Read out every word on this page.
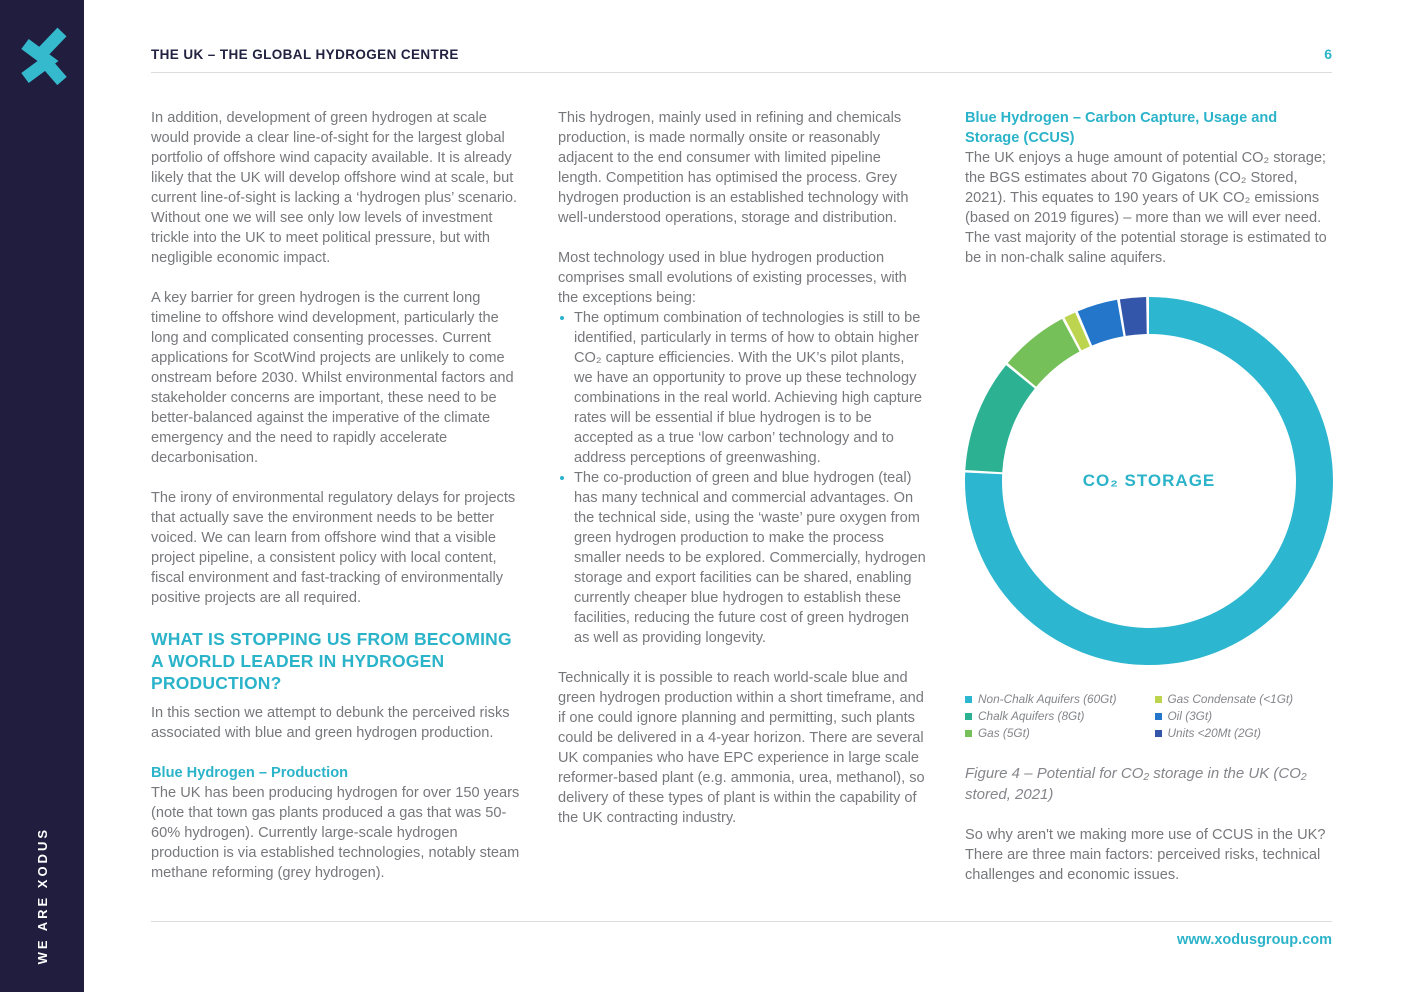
WE ARE XODUS
THE UK – THE GLOBAL HYDROGEN CENTRE	6

In addition, development of green hydrogen at scale would provide a clear line-of-sight for the largest global portfolio of offshore wind capacity available. It is already likely that the UK will develop offshore wind at scale, but current line-of-sight is lacking a ‘hydrogen plus’ scenario. Without one we will see only low levels of investment trickle into the UK to meet political pressure, but with negligible economic impact.

A key barrier for green hydrogen is the current long timeline to offshore wind development, particularly the long and complicated consenting processes. Current applications for ScotWind projects are unlikely to come onstream before 2030. Whilst environmental factors and stakeholder concerns are important, these need to be better-balanced against the imperative of the climate emergency and the need to rapidly accelerate decarbonisation.

The irony of environmental regulatory delays for projects that actually save the environment needs to be better voiced. We can learn from offshore wind that a visible project pipeline, a consistent policy with local content, fiscal environment and fast-tracking of environmentally positive projects are all required.

WHAT IS STOPPING US FROM BECOMING A WORLD LEADER IN HYDROGEN PRODUCTION?

In this section we attempt to debunk the perceived risks associated with blue and green hydrogen production.

Blue Hydrogen – Production

The UK has been producing hydrogen for over 150 years (note that town gas plants produced a gas that was 50-60% hydrogen). Currently large-scale hydrogen production is via established technologies, notably steam methane reforming (grey hydrogen).

This hydrogen, mainly used in refining and chemicals production, is made normally onsite or reasonably adjacent to the end consumer with limited pipeline length. Competition has optimised the process. Grey hydrogen production is an established technology with well-understood operations, storage and distribution.

Most technology used in blue hydrogen production comprises small evolutions of existing processes, with the exceptions being:

The optimum combination of technologies is still to be identified, particularly in terms of how to obtain higher CO₂ capture efficiencies. With the UK’s pilot plants, we have an opportunity to prove up these technology combinations in the real world. Achieving high capture rates will be essential if blue hydrogen is to be accepted as a true ‘low carbon’ technology and to address perceptions of greenwashing.
The co-production of green and blue hydrogen (teal) has many technical and commercial advantages. On the technical side, using the ‘waste’ pure oxygen from green hydrogen production to make the process smaller needs to be explored. Commercially, hydrogen storage and export facilities can be shared, enabling currently cheaper blue hydrogen to establish these facilities, reducing the future cost of green hydrogen as well as providing longevity.

Technically it is possible to reach world-scale blue and green hydrogen production within a short timeframe, and if one could ignore planning and permitting, such plants could be delivered in a 4-year horizon. There are several UK companies who have EPC experience in large scale reformer-based plant (e.g. ammonia, urea, methanol), so delivery of these types of plant is within the capability of the UK contracting industry.

Blue Hydrogen – Carbon Capture, Usage and Storage (CCUS)

The UK enjoys a huge amount of potential CO₂ storage; the BGS estimates about 70 Gigatons (CO₂ Stored, 2021). This equates to 190 years of UK CO₂ emissions (based on 2019 figures) – more than we will ever need. The vast majority of the potential storage is estimated to be in non-chalk saline aquifers.

CO₂ STORAGE
Non-Chalk Aquifers (60Gt)
Chalk Aquifers (8Gt)
Gas (5Gt)
Gas Condensate (<1Gt)
Oil (3Gt)
Units <20Mt (2Gt)

Figure 4 – Potential for CO₂ storage in the UK (CO₂ stored, 2021)

So why aren't we making more use of CCUS in the UK? There are three main factors: perceived risks, technical challenges and economic issues.

www.xodusgroup.com
